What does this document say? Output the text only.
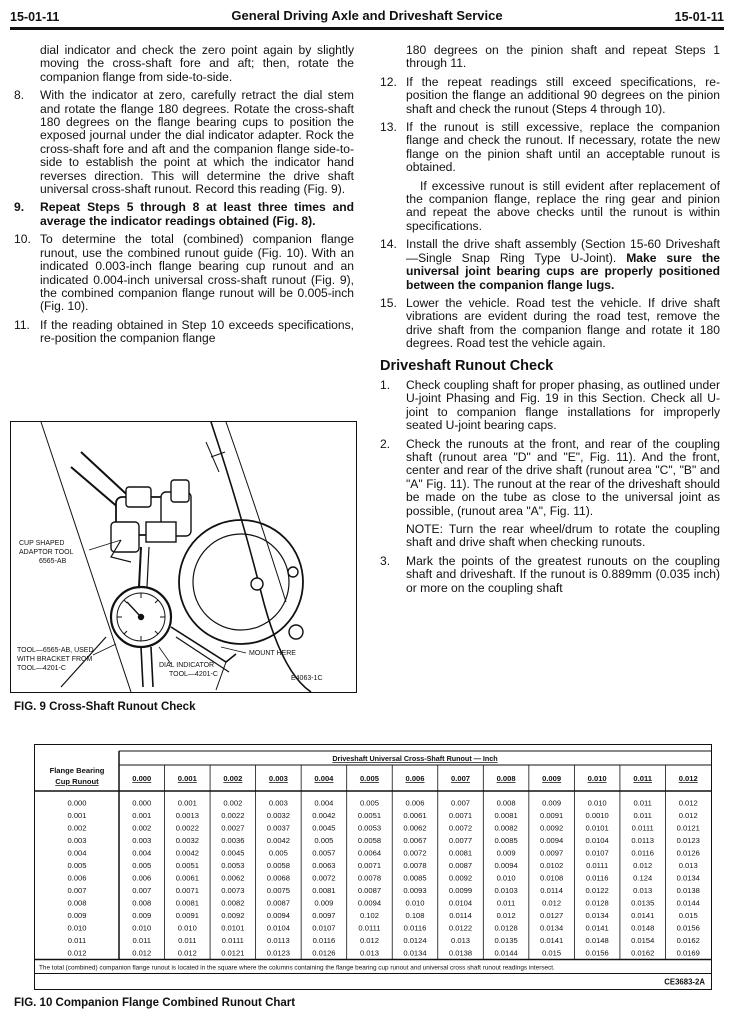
15-01-11	General Driving Axle and Driveshaft Service	15-01-11

dial indicator and check the zero point again by slightly moving the cross-shaft fore and aft; then, rotate the companion flange from side-to-side.

8.	With the indicator at zero, carefully retract the dial stem and rotate the flange 180 degrees. Rotate the cross-shaft 180 degrees on the flange bearing cups to position the exposed journal under the dial indicator adapter. Rock the cross-shaft fore and aft and the companion flange side-to-side to establish the point at which the indicator hand reverses direction. This will determine the drive shaft universal cross-shaft runout. Record this reading (Fig. 9).
9.	Repeat Steps 5 through 8 at least three times and average the indicator readings obtained (Fig. 8).
10. To determine the total (combined) companion flange runout, use the combined runout guide (Fig. 10). With an indicated 0.003-inch flange bearing cup runout and an indicated 0.004-inch universal cross-shaft runout (Fig. 9), the combined companion flange runout will be 0.005-inch (Fig. 10).
11. If the reading obtained in Step 10 exceeds specifications, re-position the companion flange
CUP SHAPED
ADAPTOR TOOL
6565-AB
TOOL—6565-AB, USED
WITH BRACKET FROM
TOOL—4201-C	DIAL INDICATOR
TOOL—4201-C
MOUNT HERE
E4063-1C
FIG. 9 Cross-Shaft Runout Check

180 degrees on the pinion shaft and repeat Steps 1 through 11.

12. If the repeat readings still exceed specifications, re-position the flange an additional 90 degrees on the pinion shaft and check the runout (Steps 4 through 10).
13. If the runout is still excessive, replace the companion flange and check the runout. If necessary, rotate the new flange on the pinion shaft until an acceptable runout is obtained.

If excessive runout is still evident after replacement of the companion flange, replace the ring gear and pinion and repeat the above checks until the runout is within specifications.

14. Install the drive shaft assembly (Section 15-60 Driveshaft—Single Snap Ring Type U-Joint). Make sure the universal joint bearing cups are properly positioned between the companion flange lugs.
15. Lower the vehicle. Road test the vehicle. If drive shaft vibrations are evident during the road test, remove the drive shaft from the companion flange and rotate it 180 degrees. Road test the vehicle again.
Driveshaft Runout Check
1.	Check coupling shaft for proper phasing, as outlined under U-joint Phasing and Fig. 19 in this Section. Check all U-joint to companion flange installations for improperly seated U-joint bearing caps.
2.	Check the runouts at the front, and rear of the coupling shaft (runout area "D" and "E", Fig. 11). And the front, center and rear of the drive shaft (runout area "C", "B" and "A" Fig. 11). The runout at the rear of the driveshaft should be made on the tube as close to the universal joint as possible, (runout area "A", Fig. 11).

NOTE: Turn the rear wheel/drum to rotate the coupling shaft and drive shaft when checking runouts.

3.	Mark the points of the greatest runouts on the coupling shaft and driveshaft. If the runout is 0.889mm (0.035 inch) or more on the coupling shaft
Driveshaft Universal Cross-Shaft Runout — Inch
Flange Bearing
Cup Runout	0.000	0.001	0.002	0.003	0.004	0.005	0.006	0.007	0.008	0.009	0.010	0.011	0.012
0.000	0.000	0.001	0.002	0.003	0.004	0.005	0.006	0.007	0.008	0.009	0.010	0.011	0.012
0.001	0.001	0.0013	0.0022	0.0032	0.0042	0.0051	0.0061	0.0071	0.0081	0.0091	0.0010	0.011	0.012
0.002	0.002	0.0022	0.0027	0.0037	0.0045	0.0053	0.0062	0.0072	0.0082	0.0092	0.0101	0.0111	0.0121
0.003	0.003	0.0032	0.0036	0.0042	0.005	0.0058	0.0067	0.0077	0.0085	0.0094	0.0104	0.0113	0.0123
0.004	0.004	0.0042	0.0045	0.005	0.0057	0.0064	0.0072	0.0081	0.009	0.0097	0.0107	0.0116	0.0126
0.005	0.005	0.0051	0.0053	0.0058	0.0063	0.0071	0.0078	0.0087	0.0094	0.0102	0.0111	0.012	0.013
0.006	0.006	0.0061	0.0062	0.0068	0.0072	0.0078	0.0085	0.0092	0.010	0.0108	0.0116	0.124	0.0134
0.007	0.007	0.0071	0.0073	0.0075	0.0081	0.0087	0.0093	0.0099	0.0103	0.0114	0.0122	0.013	0.0138
0.008	0.008	0.0081	0.0082	0.0087	0.009	0.0094	0.010	0.0104	0.011	0.012	0.0128	0.0135	0.0144
0.009	0.009	0.0091	0.0092	0.0094	0.0097	0.102	0.108	0.0114	0.012	0.0127	0.0134	0.0141	0.015
0.010	0.010	0.010	0.0101	0.0104	0.0107	0.0111	0.0116	0.0122	0.0128	0.0134	0.0141	0.0148	0.0156
0.011	0.011	0.011	0.0111	0.0113	0.0116	0.012	0.0124	0.013	0.0135	0.0141	0.0148	0.0154	0.0162
0.012	0.012	0.012	0.0121	0.0123	0.0126	0.013	0.0134	0.0138	0.0144	0.015	0.0156	0.0162	0.0169
The total (combined) companion flange runout is located in the square where the columns containing the flange bearing cup runout and universal cross shaft runout readings intersect.
CE3683-2A
FIG. 10 Companion Flange Combined Runout Chart
